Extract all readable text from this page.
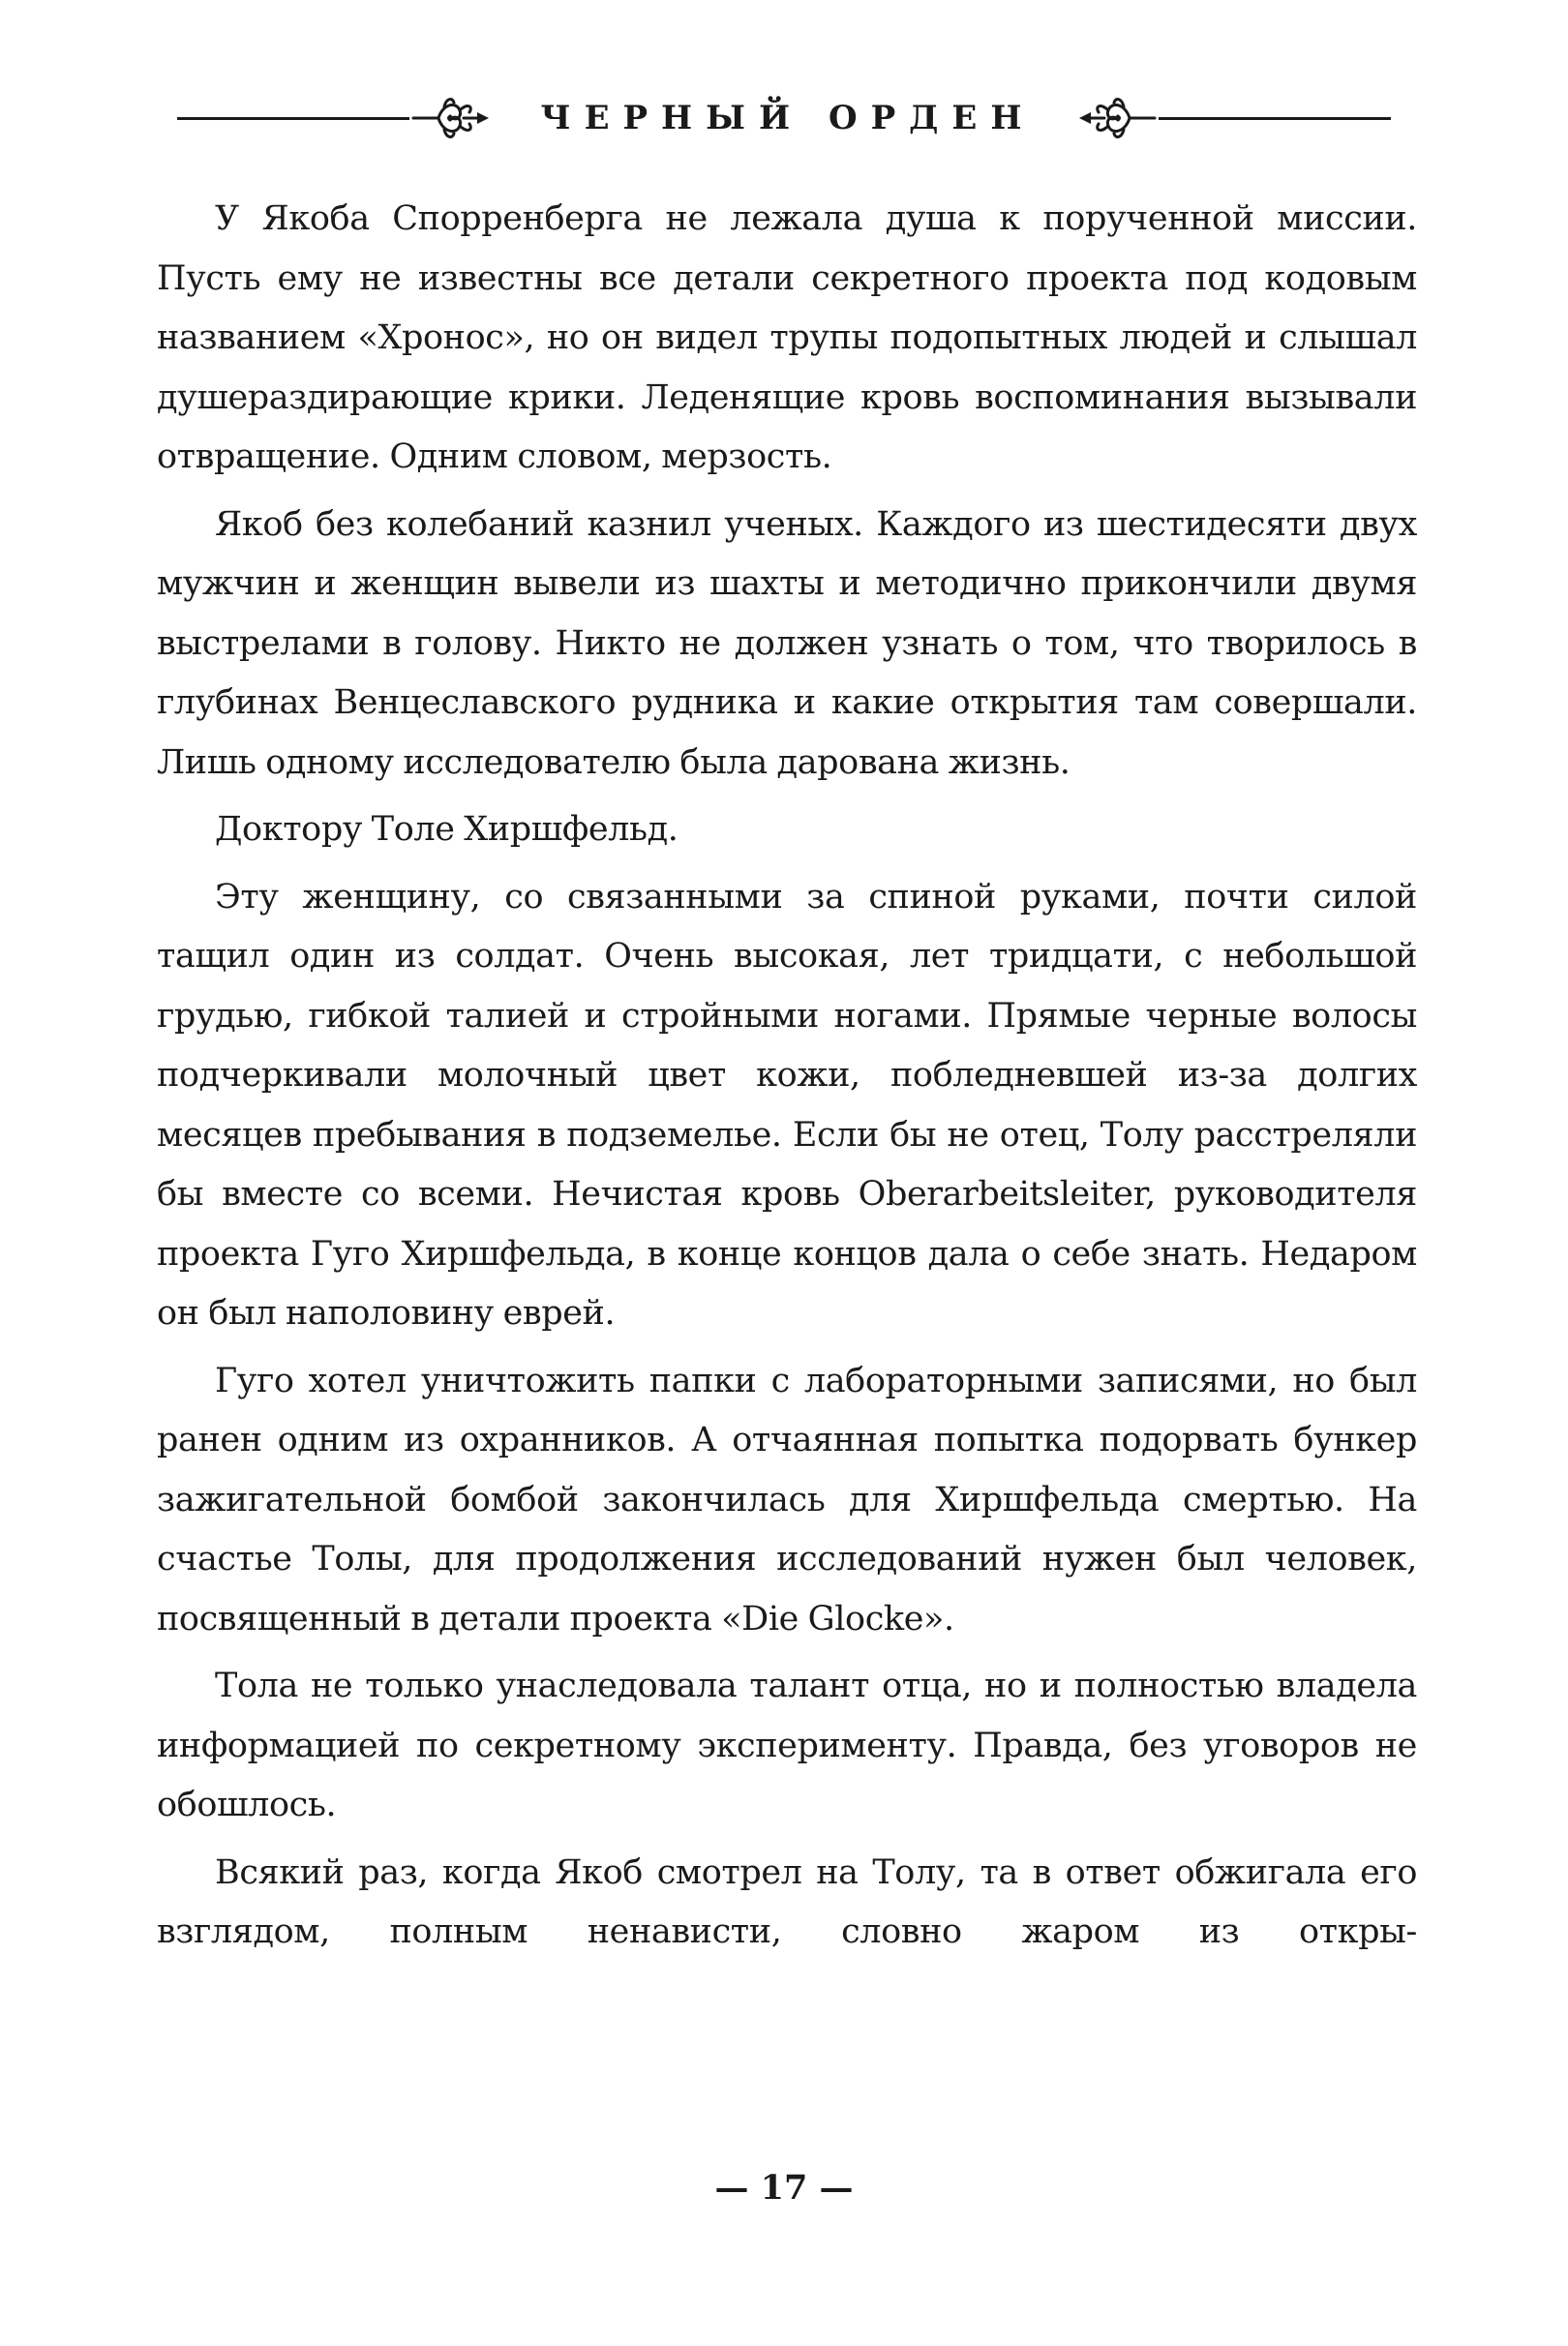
ЧЕРНЫЙ ОРДЕН

У Якоба Спорренберга не лежала душа к порученной миссии. Пусть ему не известны все детали секретного проекта под кодовым названием «Хронос», но он видел трупы подопытных людей и слышал душераздирающие крики. Леденящие кровь воспоминания вызывали отвращение. Одним словом, мерзость.

Якоб без колебаний казнил ученых. Каждого из шестидесяти двух мужчин и женщин вывели из шахты и методично прикончили двумя выстрелами в голову. Никто не должен узнать о том, что творилось в глубинах Венцеславского рудника и какие открытия там совершали. Лишь одному исследователю была дарована жизнь.

Доктору Толе Хиршфельд.

Эту женщину, со связанными за спиной руками, почти силой тащил один из солдат. Очень высокая, лет тридцати, с небольшой грудью, гибкой талией и стройными ногами. Прямые черные волосы подчеркивали молочный цвет кожи, побледневшей из-за долгих месяцев пребывания в подземелье. Если бы не отец, Толу расстреляли бы вместе со всеми. Нечистая кровь Oberarbeitsleiter, руководителя проекта Гуго Хиршфельда, в конце концов дала о себе знать. Недаром он был наполовину еврей.

Гуго хотел уничтожить папки с лабораторными записями, но был ранен одним из охранников. А отчаянная попытка подорвать бункер зажигательной бомбой закончилась для Хиршфельда смертью. На счастье Толы, для продолжения исследований нужен был человек, посвященный в детали проекта «Die Glocke».

Тола не только унаследовала талант отца, но и полностью владела информацией по секретному эксперименту. Правда, без уговоров не обошлось.

Всякий раз, когда Якоб смотрел на Толу, та в ответ обжигала его взглядом, полным ненависти, словно жаром из откры-

— 17 —
